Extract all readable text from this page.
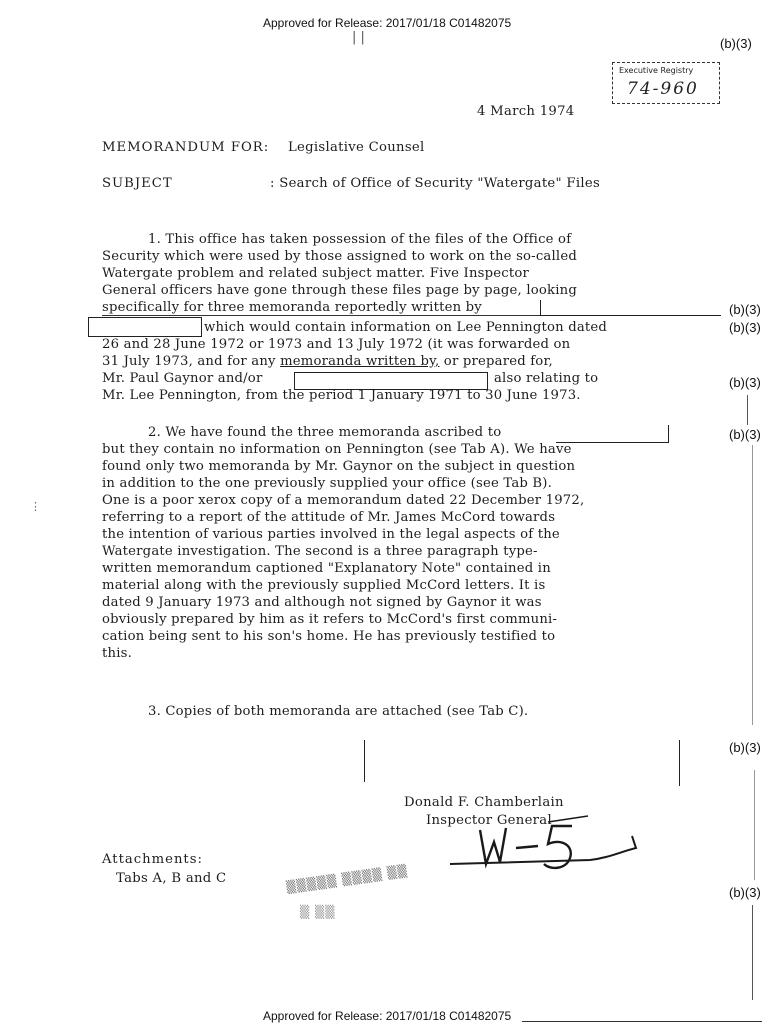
Approved for Release: 2017/01/18 C01482075
Approved for Release: 2017/01/18 C01482075
| |
Executive Registry
74-960
(b)(3)
(b)(3)
(b)(3)
(b)(3)
(b)(3)
(b)(3)
(b)(3)
4 March 1974
MEMORANDUM FOR: Legislative Counsel
SUBJECT	: Search of Office of Security "Watergate" Files
1. This office has taken possession of the files of the Office of
Security which were used by those assigned to work on the so-called
Watergate problem and related subject matter. Five Inspector
General officers have gone through these files page by page, looking
specifically for three memoranda reportedly written by
which would contain information on Lee Pennington dated
26 and 28 June 1972 or 1973 and 13 July 1972 (it was forwarded on
31 July 1973, and for any memoranda written by, or prepared for,
Mr. Paul Gaynor and/or	also relating to
Mr. Lee Pennington, from the period 1 January 1971 to 30 June 1973.
2. We have found the three memoranda ascribed to
but they contain no information on Pennington (see Tab A). We have
found only two memoranda by Mr. Gaynor on the subject in question
in addition to the one previously supplied your office (see Tab B).
One is a poor xerox copy of a memorandum dated 22 December 1972,
referring to a report of the attitude of Mr. James McCord towards
the intention of various parties involved in the legal aspects of the
Watergate investigation. The second is a three paragraph type-
written memorandum captioned "Explanatory Note" contained in
material along with the previously supplied McCord letters. It is
dated 9 January 1973 and although not signed by Gaynor it was
obviously prepared by him as it refers to McCord's first communi-
cation being sent to his son's home. He has previously testified to
this.
3. Copies of both memoranda are attached (see Tab C).
Donald F. Chamberlain
Inspector General
▒▒▒▒▒ ▒▒▒▒ ▒▒
▒ ▒▒
Attachments:
Tabs A, B and C
⋮
